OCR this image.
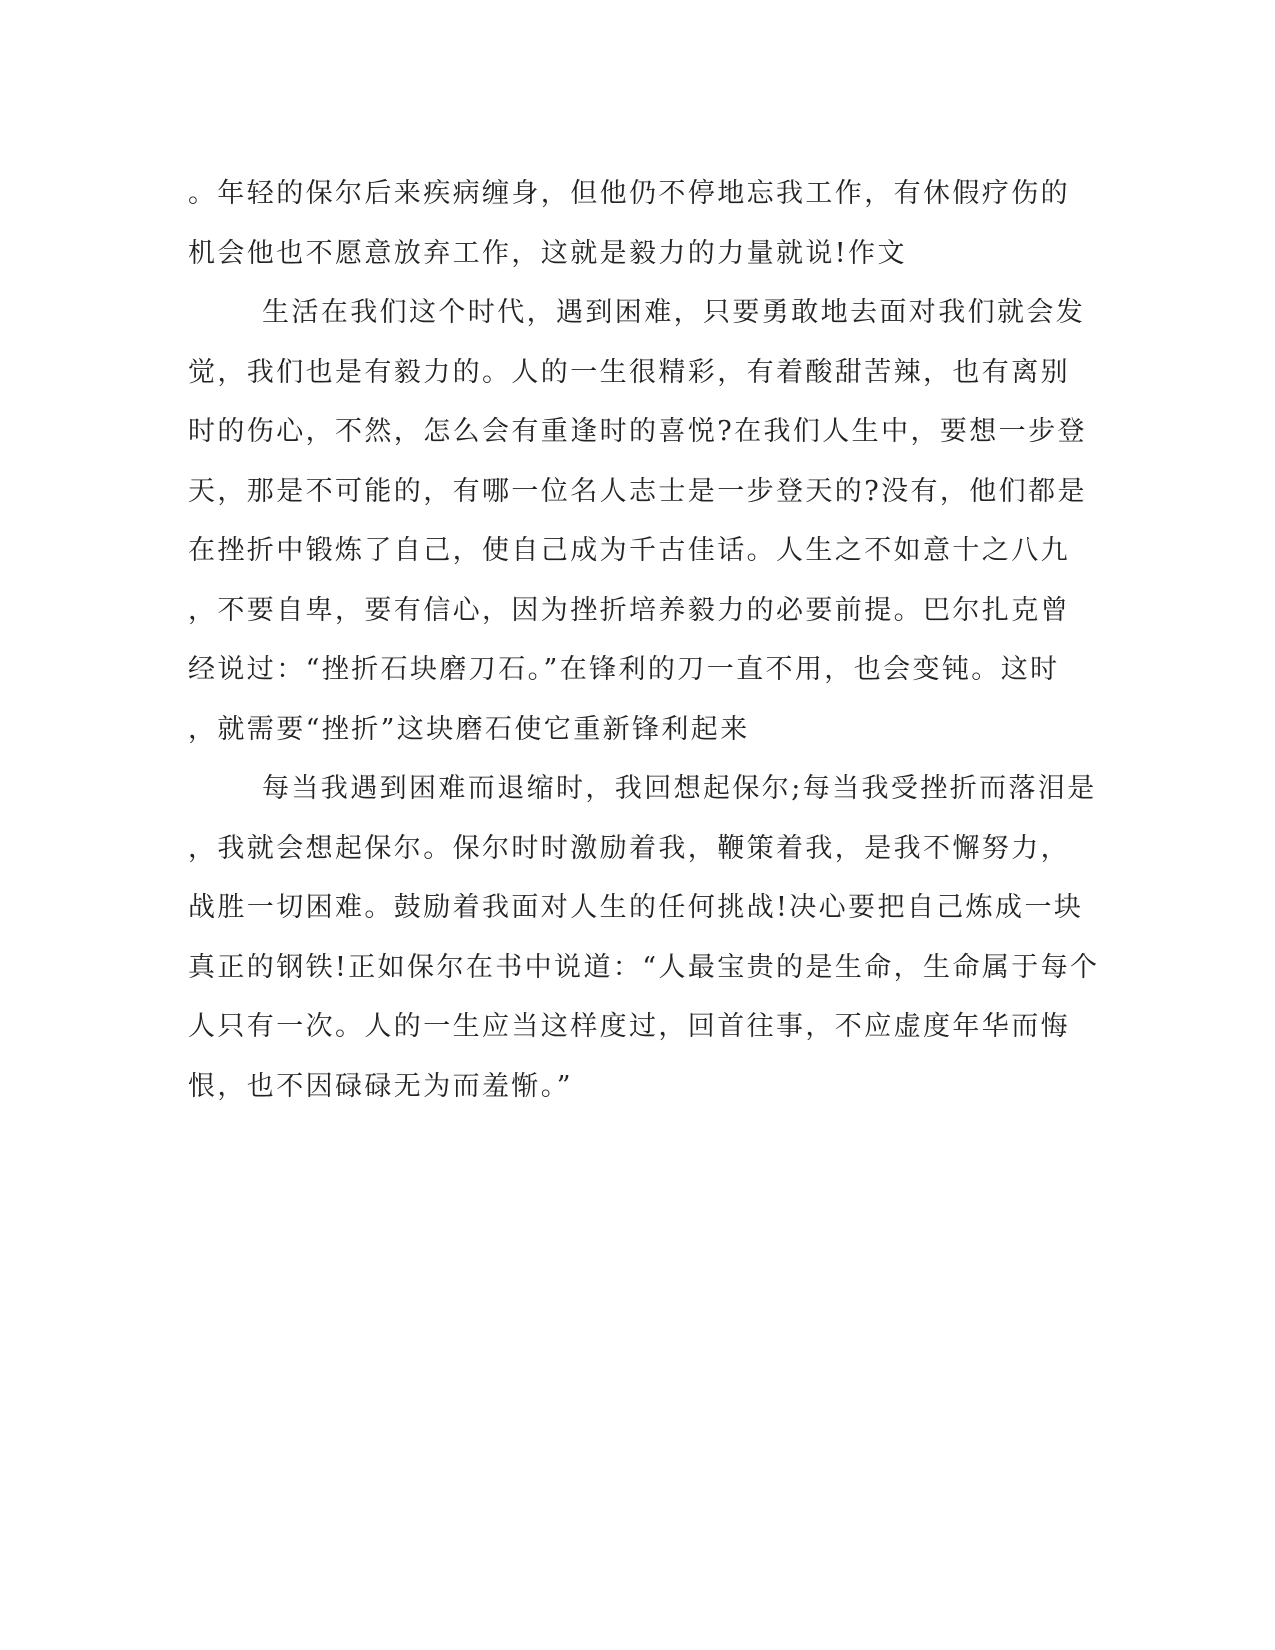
。年轻的保尔后来疾病缠身，但他仍不停地忘我工作，有休假疗伤的
机会他也不愿意放弃工作，这就是毅力的力量就说!作文
生活在我们这个时代，遇到困难，只要勇敢地去面对我们就会发
觉，我们也是有毅力的。人的一生很精彩，有着酸甜苦辣，也有离别
时的伤心，不然，怎么会有重逢时的喜悦?在我们人生中，要想一步登
天，那是不可能的，有哪一位名人志士是一步登天的?没有，他们都是
在挫折中锻炼了自己，使自己成为千古佳话。人生之不如意十之八九
，不要自卑，要有信心，因为挫折培养毅力的必要前提。巴尔扎克曾
经说过：“挫折石块磨刀石。”在锋利的刀一直不用，也会变钝。这时
，就需要“挫折”这块磨石使它重新锋利起来
每当我遇到困难而退缩时，我回想起保尔;每当我受挫折而落泪是
，我就会想起保尔。保尔时时激励着我，鞭策着我，是我不懈努力，
战胜一切困难。鼓励着我面对人生的任何挑战!决心要把自己炼成一块
真正的钢铁!正如保尔在书中说道：“人最宝贵的是生命，生命属于每个
人只有一次。人的一生应当这样度过，回首往事，不应虚度年华而悔
恨，也不因碌碌无为而羞惭。”
